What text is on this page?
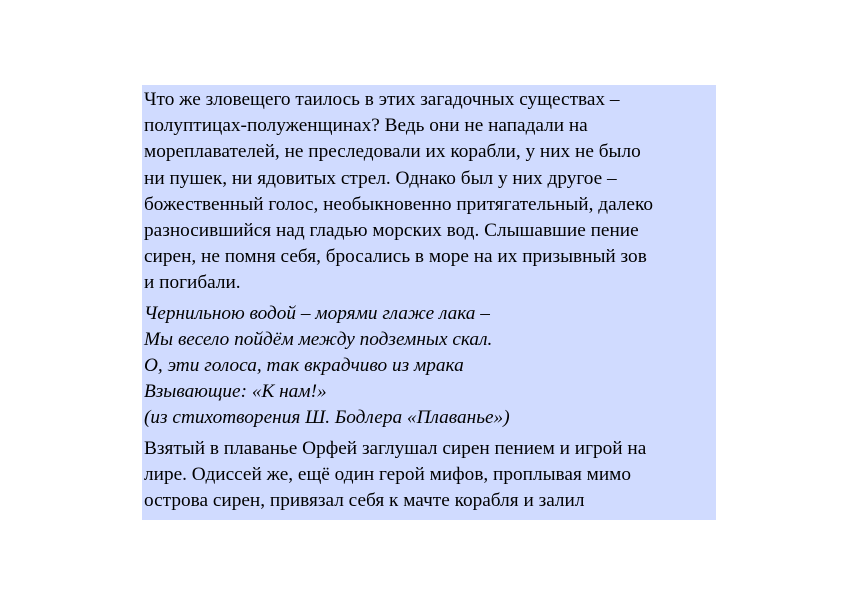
Что же зловещего таилось в этих загадочных существах –
полуптицах-полуженщинах? Ведь они не нападали на
мореплавателей, не преследовали их корабли, у них не было
ни пушек, ни ядовитых стрел. Однако был у них другое –
божественный голос, необыкновенно притягательный, далеко
разносившийся над гладью морских вод. Слышавшие пение
сирен, не помня себя, бросались в море на их призывный зов
и погибали.
Чернильною водой – морями глаже лака –
Мы весело пойдём между подземных скал.
О, эти голоса, так вкрадчиво из мрака
Взывающие: «К нам!»
(из стихотворения Ш. Бодлера «Плаванье»)
Взятый в плаванье Орфей заглушал сирен пением и игрой на
лире. Одиссей же, ещё один герой мифов, проплывая мимо
острова сирен, привязал себя к мачте корабля и залил
